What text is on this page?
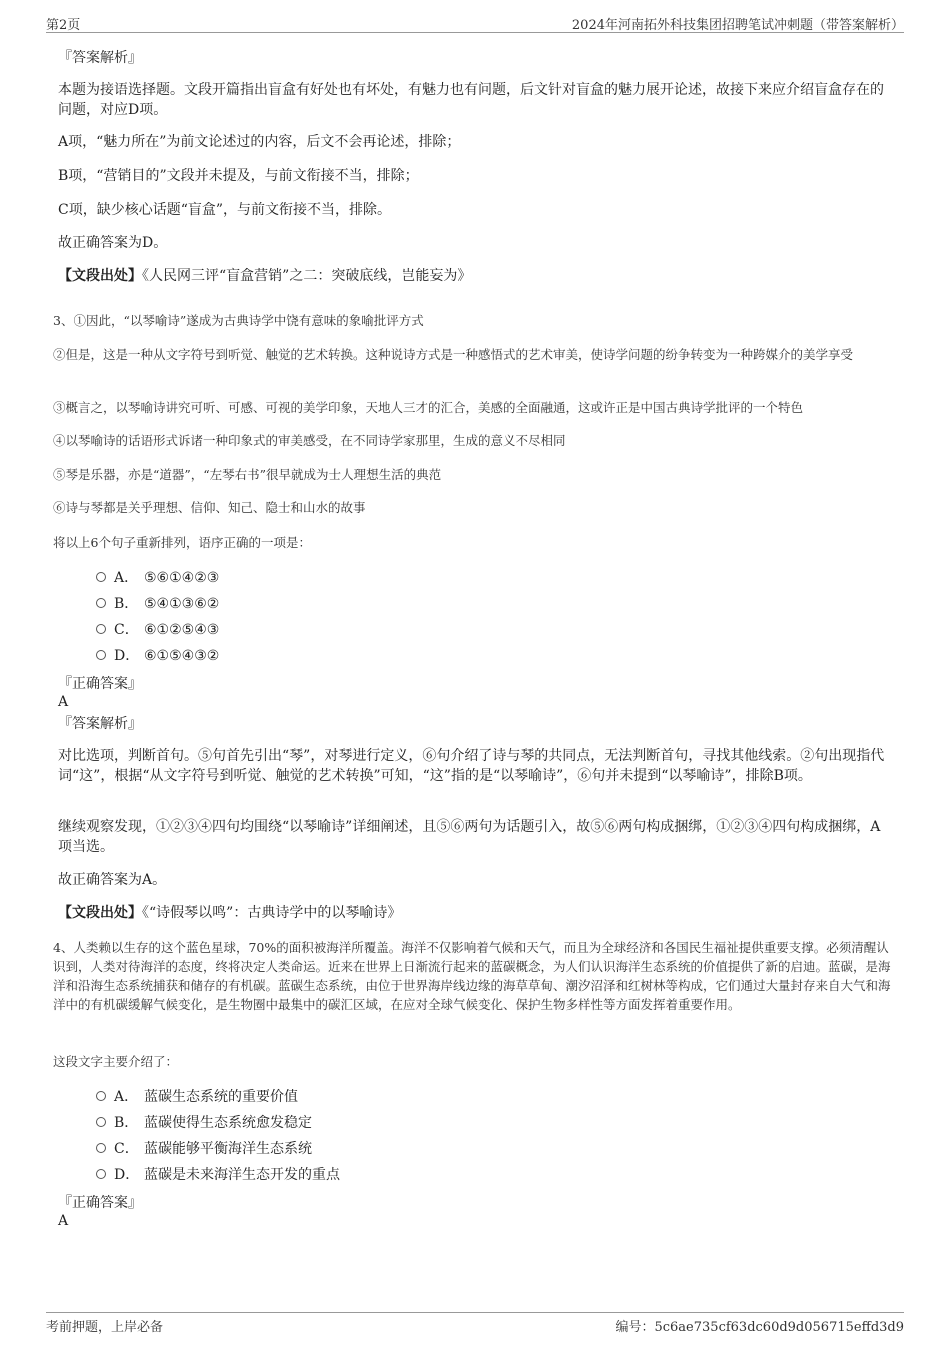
第2页	2024年河南拓外科技集团招聘笔试冲刺题（带答案解析）
『答案解析』
本题为接语选择题。文段开篇指出盲盒有好处也有坏处，有魅力也有问题，后文针对盲盒的魅力展开论述，故接下来应介绍盲盒存在的问题，对应D项。
A项，“魅力所在”为前文论述过的内容，后文不会再论述，排除；
B项，“营销目的”文段并未提及，与前文衔接不当，排除；
C项，缺少核心话题“盲盒”，与前文衔接不当，排除。
故正确答案为D。
【文段出处】《人民网三评“盲盒营销”之二：突破底线，岂能妄为》
3、①因此，“以琴喻诗”遂成为古典诗学中饶有意味的象喻批评方式
②但是，这是一种从文字符号到听觉、触觉的艺术转换。这种说诗方式是一种感悟式的艺术审美，使诗学问题的纷争转变为一种跨媒介的美学享受
③概言之，以琴喻诗讲究可听、可感、可视的美学印象，天地人三才的汇合，美感的全面融通，这或许正是中国古典诗学批评的一个特色
④以琴喻诗的话语形式诉诸一种印象式的审美感受，在不同诗学家那里，生成的意义不尽相同
⑤琴是乐器，亦是“道器”，“左琴右书”很早就成为士人理想生活的典范
⑥诗与琴都是关乎理想、信仰、知己、隐士和山水的故事
将以上6个句子重新排列，语序正确的一项是：
A． ⑤⑥①④②③
B． ⑤④①③⑥②
C． ⑥①②⑤④③
D． ⑥①⑤④③②
『正确答案』
A
『答案解析』
对比选项，判断首句。⑤句首先引出“琴”，对琴进行定义，⑥句介绍了诗与琴的共同点，无法判断首句，寻找其他线索。②句出现指代词“这”，根据“从文字符号到听觉、触觉的艺术转换”可知，“这”指的是“以琴喻诗”，⑥句并未提到“以琴喻诗”，排除B项。
继续观察发现，①②③④四句均围绕“以琴喻诗”详细阐述，且⑤⑥两句为话题引入，故⑤⑥两句构成捆绑，①②③④四句构成捆绑，A项当选。
故正确答案为A。
【文段出处】《“诗假琴以鸣”：古典诗学中的以琴喻诗》
4、人类赖以生存的这个蓝色星球，70%的面积被海洋所覆盖。海洋不仅影响着气候和天气，而且为全球经济和各国民生福祉提供重要支撑。必须清醒认识到，人类对待海洋的态度，终将决定人类命运。近来在世界上日渐流行起来的蓝碳概念，为人们认识海洋生态系统的价值提供了新的启迪。蓝碳，是海洋和沿海生态系统捕获和储存的有机碳。蓝碳生态系统，由位于世界海岸线边缘的海草草甸、潮汐沼泽和红树林等构成，它们通过大量封存来自大气和海洋中的有机碳缓解气候变化，是生物圈中最集中的碳汇区域，在应对全球气候变化、保护生物多样性等方面发挥着重要作用。
这段文字主要介绍了：
A． 蓝碳生态系统的重要价值
B． 蓝碳使得生态系统愈发稳定
C． 蓝碳能够平衡海洋生态系统
D． 蓝碳是未来海洋生态开发的重点
『正确答案』
A
考前押题，上岸必备	编号：5c6ae735cf63dc60d9d056715effd3d9
